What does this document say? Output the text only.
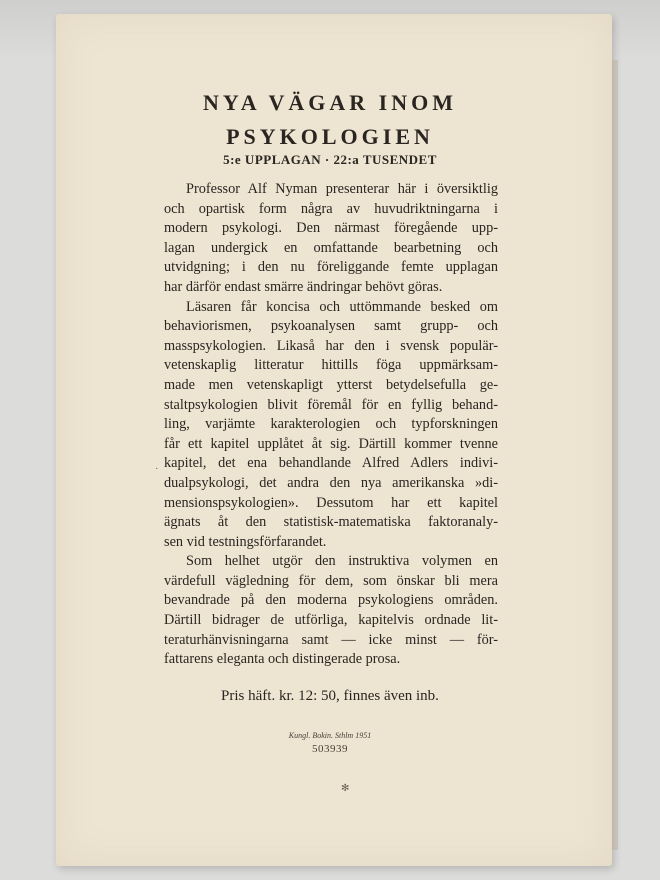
NYA VÄGAR INOM
PSYKOLOGIEN
5:e UPPLAGAN · 22:a TUSENDET
Professor Alf Nyman presenterar här i översiktlig
och opartisk form några av huvudriktningarna i
modern psykologi. Den närmast föregående upp-
lagan undergick en omfattande bearbetning och
utvidgning; i den nu föreliggande femte upplagan
har därför endast smärre ändringar behövt göras.
Läsaren får koncisa och uttömmande besked om
behaviorismen, psykoanalysen samt grupp- och
masspsykologien. Likaså har den i svensk populär-
vetenskaplig litteratur hittills föga uppmärksam-
made men vetenskapligt ytterst betydelsefulla ge-
staltpsykologien blivit föremål för en fyllig behand-
ling, varjämte karakterologien och typforskningen
får ett kapitel upplåtet åt sig. Därtill kommer tvenne
kapitel, det ena behandlande Alfred Adlers indivi-
dualpsykologi, det andra den nya amerikanska »di-
mensionspsykologien». Dessutom har ett kapitel
ägnats åt den statistisk-matematiska faktoranaly-
sen vid testningsförfarandet.
Som helhet utgör den instruktiva volymen en
värdefull vägledning för dem, som önskar bli mera
bevandrade på den moderna psykologiens områden.
Därtill bidrager de utförliga, kapitelvis ordnade lit-
teraturhänvisningarna samt — icke minst — för-
fattarens eleganta och distingerade prosa.
·
Pris häft. kr. 12: 50, finnes även inb.
Kungl. Bokin. Sthlm 1951
503939
✻
